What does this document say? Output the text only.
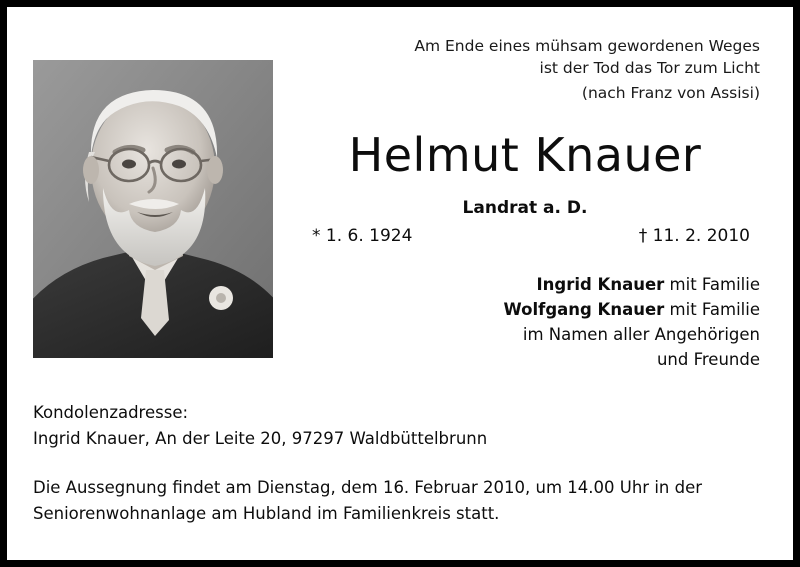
Am Ende eines mühsam gewordenen Weges
ist der Tod das Tor zum Licht
(nach Franz von Assisi)
Helmut Knauer
Landrat a. D.
* 1. 6. 1924	† 11. 2. 2010
Ingrid Knauer mit Familie
Wolfgang Knauer mit Familie
im Namen aller Angehörigen
und Freunde
Kondolenzadresse:
Ingrid Knauer, An der Leite 20, 97297 Waldbüttelbrunn
Die Aussegnung findet am Dienstag, dem 16. Februar 2010, um 14.00 Uhr in der
Seniorenwohnanlage am Hubland im Familienkreis statt.
